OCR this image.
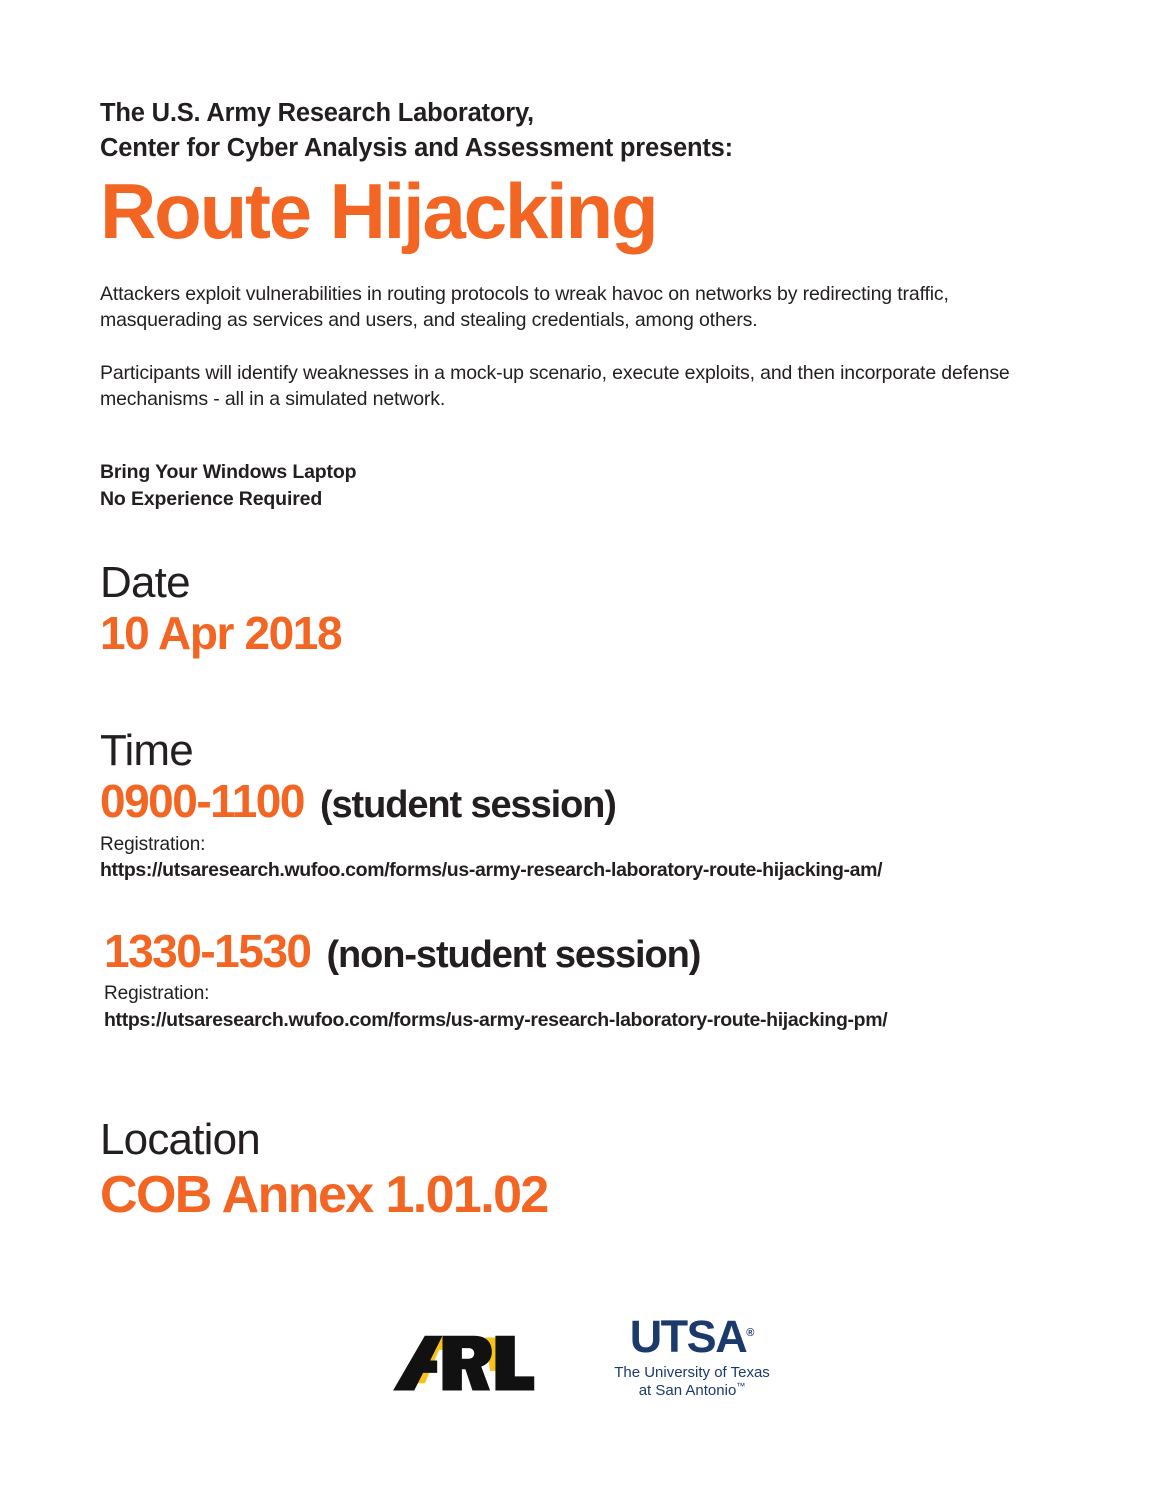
The U.S. Army Research Laboratory,
Center for Cyber Analysis and Assessment presents:
Route Hijacking
Attackers exploit vulnerabilities in routing protocols to wreak havoc on networks by redirecting traffic, masquerading as services and users, and stealing credentials, among others.
Participants will identify weaknesses in a mock-up scenario, execute exploits, and then incorporate defense mechanisms - all in a simulated network.
Bring Your Windows Laptop
No Experience Required
Date
10 Apr 2018
Time
0900-1100 (student session)
Registration:
https://utsaresearch.wufoo.com/forms/us-army-research-laboratory-route-hijacking-am/
1330-1530 (non-student session)
Registration:
https://utsaresearch.wufoo.com/forms/us-army-research-laboratory-route-hijacking-pm/
Location
COB Annex 1.01.02
UTSA®
The University of Texas
at San Antonio™
